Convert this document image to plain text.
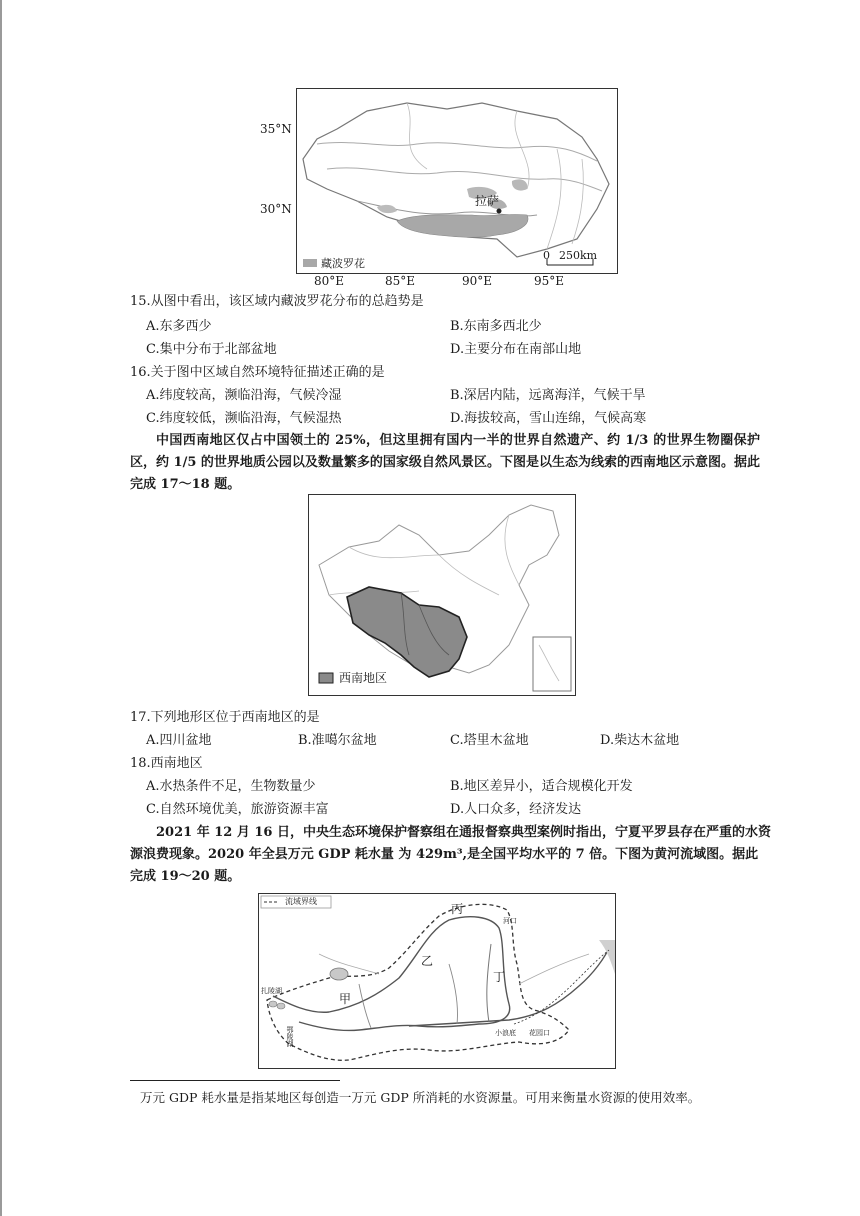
拉萨
藏波罗花
0 250km
35°N
30°N
80°E	85°E	90°E	95°E
15.从图中看出，该区域内藏波罗花分布的总趋势是
A.东多西少	B.东南多西北少
C.集中分布于北部盆地	D.主要分布在南部山地
16.关于图中区域自然环境特征描述正确的是
A.纬度较高，濒临沿海，气候冷湿	B.深居内陆，远离海洋，气候干旱
C.纬度较低，濒临沿海，气候湿热	D.海拔较高，雪山连绵，气候高寒
中国西南地区仅占中国领土的 25%，但这里拥有国内一半的世界自然遗产、约 1/3 的世界生物圈保护区，约 1/5 的世界地质公园以及数量繁多的国家级自然风景区。下图是以生态为线索的西南地区示意图。据此完成 17～18 题。
西南地区
17.下列地形区位于西南地区的是
A.四川盆地	B.准噶尔盆地	C.塔里木盆地	D.柴达木盆地
18.西南地区
A.水热条件不足，生物数量少	B.地区差异小，适合规模化开发
C.自然环境优美，旅游资源丰富	D.人口众多，经济发达
2021 年 12 月 16 日，中央生态环境保护督察组在通报督察典型案例时指出，宁夏平罗县存在严重的水资
源浪费现象。2020 年全县万元 GDP 耗水量 为 429m³,是全国平均水平的 7 倍。下图为黄河流域图。据此
完成 19～20 题。
流域界线
丙
乙
丁
甲
河口
扎陵湖
鄂陵湖	小浪底 花园口
万元 GDP 耗水量是指某地区每创造一万元 GDP 所消耗的水资源量。可用来衡量水资源的使用效率。
